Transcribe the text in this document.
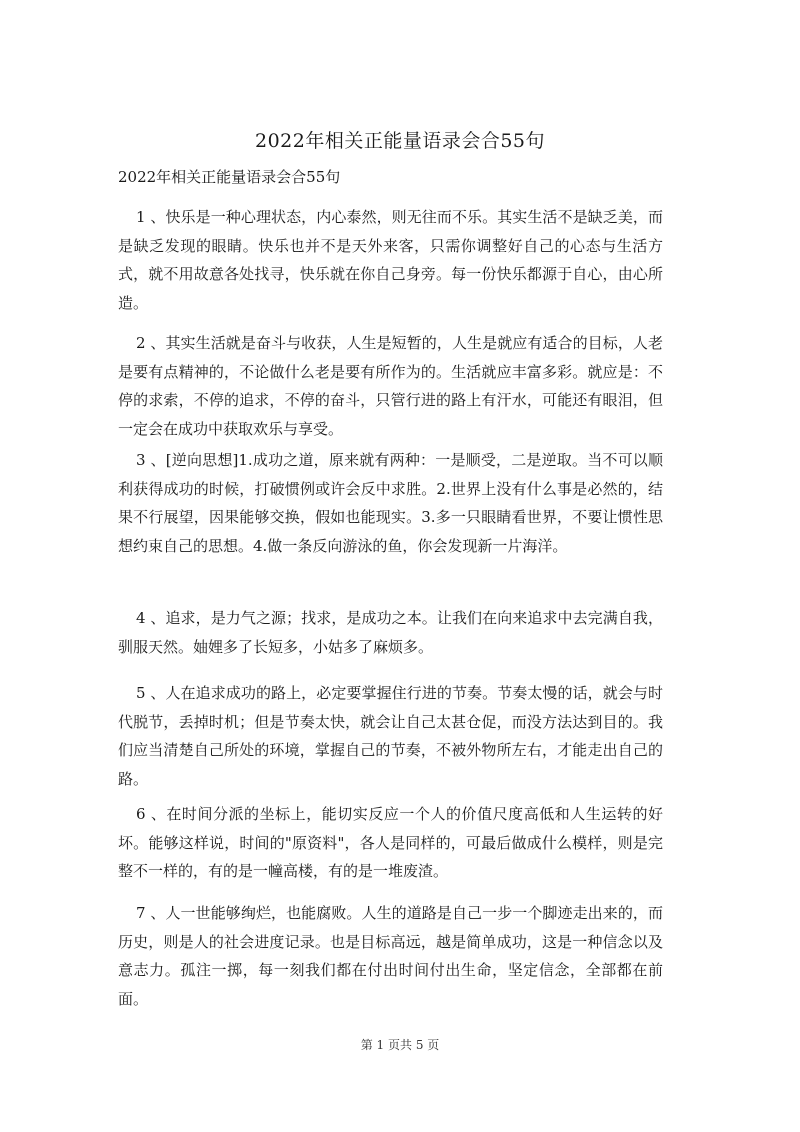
2022年相关正能量语录会合55句
2022年相关正能量语录会合55句

1 、快乐是一种心理状态，内心泰然，则无往而不乐。其实生活不是缺乏美，而是缺乏发现的眼睛。快乐也并不是天外来客，只需你调整好自己的心态与生活方式，就不用故意各处找寻，快乐就在你自己身旁。每一份快乐都源于自心，由心所造。

2 、其实生活就是奋斗与收获，人生是短暂的，人生是就应有适合的目标，人老是要有点精神的，不论做什么老是要有所作为的。生活就应丰富多彩。就应是：不停的求索，不停的追求，不停的奋斗，只管行进的路上有汗水，可能还有眼泪，但一定会在成功中获取欢乐与享受。

3 、[逆向思想]1.成功之道，原来就有两种：一是顺受，二是逆取。当不可以顺利获得成功的时候，打破惯例或许会反中求胜。2.世界上没有什么事是必然的，结果不行展望，因果能够交换，假如也能现实。3.多一只眼睛看世界，不要让惯性思想约束自己的思想。4.做一条反向游泳的鱼，你会发现新一片海洋。

4 、追求，是力气之源；找求，是成功之本。让我们在向来追求中去完满自我，驯服天然。妯娌多了长短多，小姑多了麻烦多。

5 、人在追求成功的路上，必定要掌握住行进的节奏。节奏太慢的话，就会与时代脱节，丢掉时机；但是节奏太快，就会让自己太甚仓促，而没方法达到目的。我们应当清楚自己所处的环境，掌握自己的节奏，不被外物所左右，才能走出自己的路。

6 、在时间分派的坐标上，能切实反应一个人的价值尺度高低和人生运转的好坏。能够这样说，时间的"原资料"，各人是同样的，可最后做成什么模样，则是完整不一样的，有的是一幢高楼，有的是一堆废渣。

7 、人一世能够绚烂，也能腐败。人生的道路是自己一步一个脚迹走出来的，而历史，则是人的社会进度记录。也是目标高远，越是简单成功，这是一种信念以及意志力。孤注一掷，每一刻我们都在付出时间付出生命，坚定信念，全部都在前面。

第 1 页共 5 页
